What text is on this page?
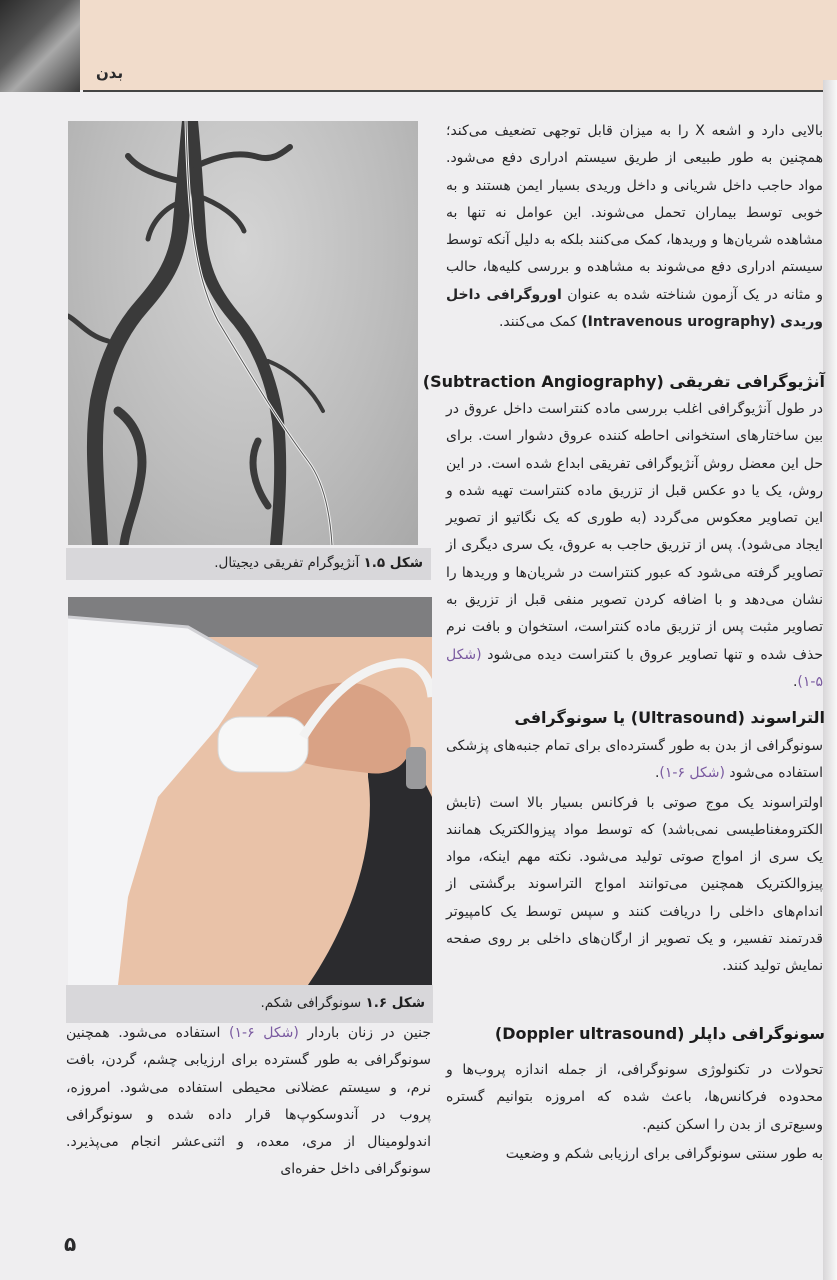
بدن
شکل ۱.۵ آنژیوگرام تفریقی دیجیتال.
شکل ۱.۶ سونوگرافی شکم.

بالایی دارد و اشعه X را به میزان قابل توجهی تضعیف می‌کند؛ همچنین به طور طبیعی از طریق سیستم ادراری دفع می‌شود. مواد حاجب داخل شریانی و داخل وریدی بسیار ایمن هستند و به خوبی توسط بیماران تحمل می‌شوند. این عوامل نه تنها به مشاهده شریان‌ها و وریدها، کمک می‌کنند بلکه به دلیل آنکه توسط سیستم ادراری دفع می‌شوند به مشاهده و بررسی کلیه‌ها، حالب و مثانه در یک آزمون شناخته شده به عنوان اوروگرافی داخل وریدی (Intravenous urography) کمک می‌کنند.

آنژیوگرافی تفریقی (Subtraction Angiography)

در طول آنژیوگرافی اغلب بررسی ماده کنتراست داخل عروق در بین ساختارهای استخوانی احاطه کننده عروق دشوار است. برای حل این معضل روش آنژیوگرافی تفریقی ابداع شده است. در این روش، یک یا دو عکس قبل از تزریق ماده کنتراست تهیه شده و این تصاویر معکوس می‌گردد (به طوری که یک نگاتیو از تصویر ایجاد می‌شود). پس از تزریق حاجب به عروق، یک سری دیگری از تصاویر گرفته می‌شود که عبور کنتراست در شریان‌ها و وریدها را نشان می‌دهد و با اضافه کردن تصویر منفی قبل از تزریق به تصاویر مثبت پس از تزریق ماده کنتراست، استخوان و بافت نرم حذف شده و تنها تصاویر عروق با کنتراست دیده می‌شود (شکل ۵-۱).

التراسوند (Ultrasound) یا سونوگرافی

سونوگرافی از بدن به طور گسترده‌ای برای تمام جنبه‌های پزشکی استفاده می‌شود (شکل ۶-۱).

اولتراسوند یک موج صوتی با فرکانس بسیار بالا است (تابش الکترومغناطیسی نمی‌باشد) که توسط مواد پیزوالکتریک همانند یک سری از امواج صوتی تولید می‌شود. نکته مهم اینکه، مواد پیزوالکتریک همچنین می‌توانند امواج التراسوند برگشتی از اندام‌های داخلی را دریافت کنند و سپس توسط یک کامپیوتر قدرتمند تفسیر، و یک تصویر از ارگان‌های داخلی بر روی صفحه نمایش تولید کنند.

سونوگرافی داپلر (Doppler ultrasound)

تحولات در تکنولوژی سونوگرافی، از جمله اندازه پروب‌ها و محدوده فرکانس‌ها، باعث شده که امروزه بتوانیم گستره وسیع‌تری از بدن را اسکن کنیم.

به طور سنتی سونوگرافی برای ارزیابی شکم و وضعیت

جنین در زنان باردار (شکل ۶-۱) استفاده می‌شود. همچنین سونوگرافی به طور گسترده برای ارزیابی چشم، گردن، بافت نرم، و سیستم عضلانی محیطی استفاده می‌شود. امروزه، پروب در آندوسکوپ‌ها قرار داده شده و سونوگرافی اندولومینال از مری، معده، و اثنی‌عشر انجام می‌پذیرد. سونوگرافی داخل حفره‌ای

۵
